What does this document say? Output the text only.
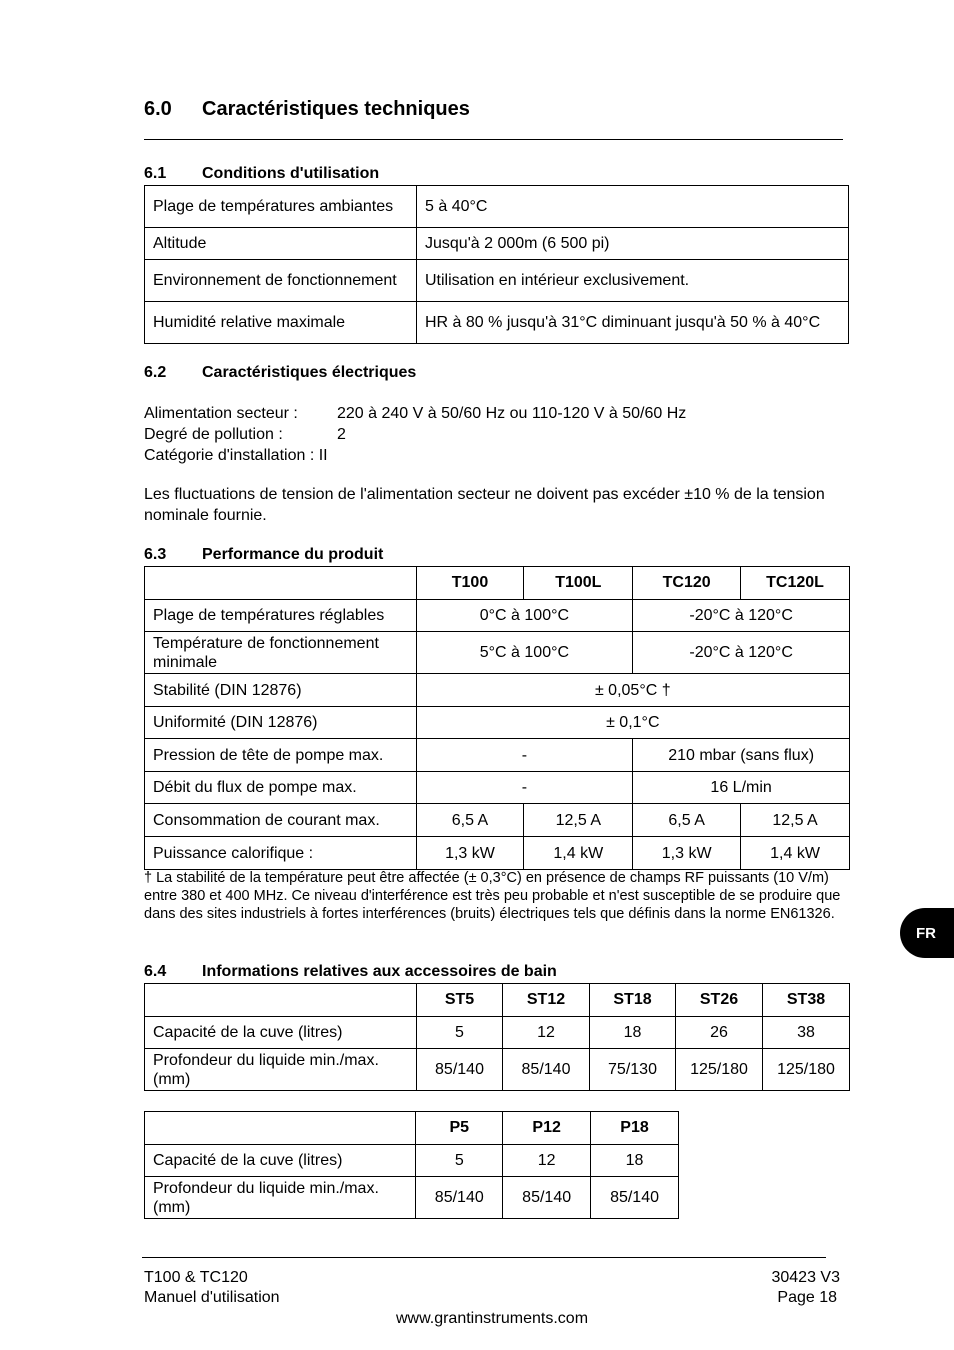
6.0 Caractéristiques techniques
6.1 Conditions d'utilisation
Plage de températures ambiantes	5 à 40°C
Altitude	Jusqu'à 2 000m (6 500 pi)
Environnement de fonctionnement	Utilisation en intérieur exclusivement.
Humidité relative maximale	HR à 80 % jusqu'à 31°C diminuant jusqu'à 50 % à 40°C
6.2 Caractéristiques électriques
Alimentation secteur :	220 à 240 V à 50/60 Hz ou 110-120 V à 50/60 Hz
Degré de pollution :	2
Catégorie d'installation :
II
Les fluctuations de tension de l'alimentation secteur ne doivent pas excéder ±10 % de la tension nominale fournie.
6.3 Performance du produit
	T100	T100L	TC120	TC120L
Plage de températures réglables	0°C à 100°C		-20°C à 120°C	
Température de fonctionnement minimale	5°C à 100°C		-20°C à 120°C	
Stabilité (DIN 12876)	± 0,05°C †			
Uniformité (DIN 12876)	± 0,1°C			
Pression de tête de pompe max.	-		210 mbar (sans flux)	
Débit du flux de pompe max.	-		16 L/min	
Consommation de courant max.	6,5 A	12,5 A	6,5 A	12,5 A
Puissance calorifique :	1,3 kW	1,4 kW	1,3 kW	1,4 kW
† La stabilité de la température peut être affectée (± 0,3°C) en présence de champs RF puissants (10 V/m) entre 380 et 400 MHz. Ce niveau d'interférence est très peu probable et n'est susceptible de se produire que dans des sites industriels à fortes interférences (bruits) électriques tels que définis dans la norme EN61326.
FR
6.4 Informations relatives aux accessoires de bain
	ST5	ST12	ST18	ST26	ST38
Capacité de la cuve (litres)	5	12	18	26	38
Profondeur du liquide min./max. (mm)	85/140	85/140	75/130	125/180	125/180
	P5	P12	P18
Capacité de la cuve (litres)	5	12	18
Profondeur du liquide min./max. (mm)	85/140	85/140	85/140
T100 & TC120
Manuel d'utilisation
30423 V3
Page 18
www.grantinstruments.com
